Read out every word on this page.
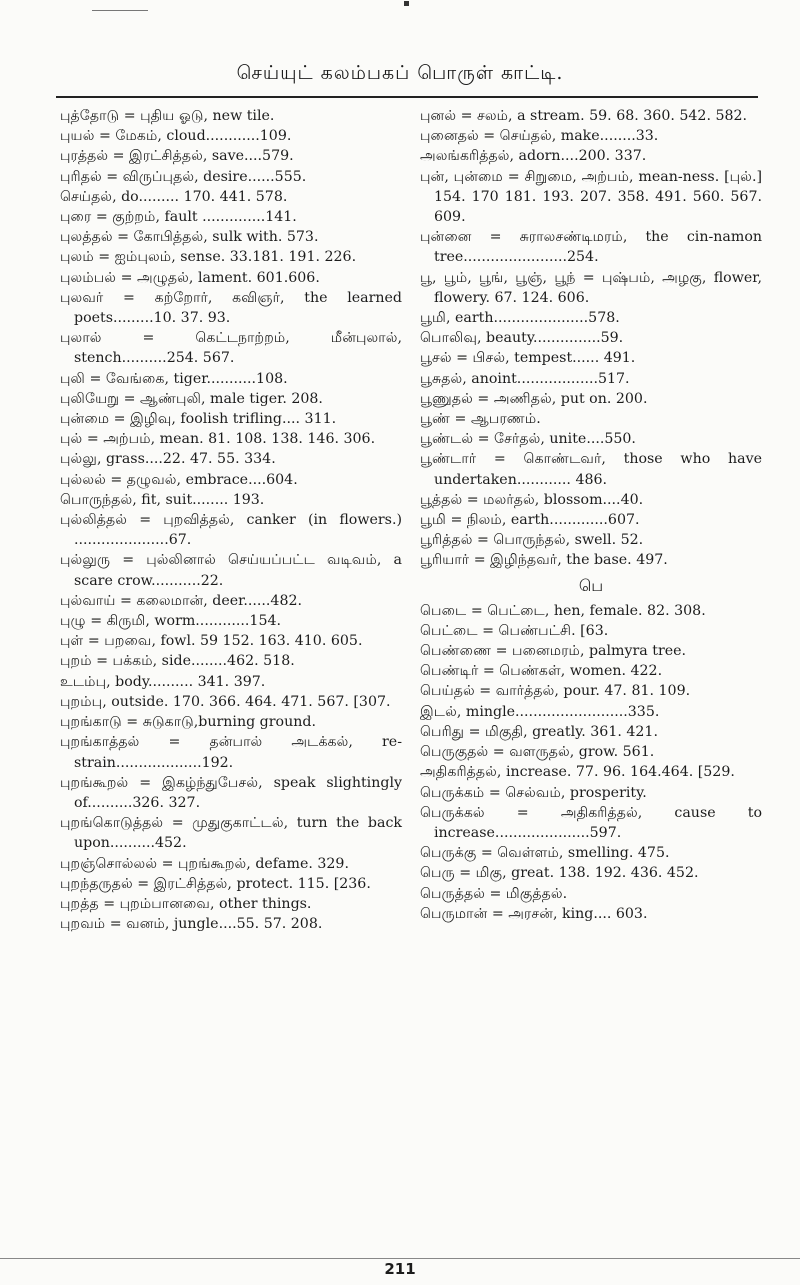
செய்யுட் கலம்பகப் பொருள் காட்டி.
புத்தோடு = புதிய ஓடு, new tile.
புயல் = மேகம், cloud............109.
புரத்தல் = இரட்சித்தல், save....579.
புரிதல் = விருப்புதல், desire......555.
செய்தல், do......... 170. 441. 578.
புரை = குற்றம், fault ..............141.
புலத்தல் = கோபித்தல், sulk with. 573.
புலம் = ஐம்புலம், sense. 33.181. 191. 226.
புலம்பல் = அழுதல், lament. 601.606.
புலவர் = கற்றோர், கவிஞர், the learned poets.........10. 37. 93.
புலால் = கெட்டநாற்றம், மீன்புலால், stench..........254. 567.
புலி = வேங்கை, tiger...........108.
புலியேறு = ஆண்புலி, male tiger. 208.
புன்மை = இழிவு, foolish trifling.... 311.
புல் = அற்பம், mean. 81. 108. 138. 146. 306.
புல்லு, grass....22. 47. 55. 334.
புல்லல் = தழுவல், embrace....604.
பொருந்தல், fit, suit........ 193.
புல்லித்தல் = புறவித்தல், canker (in flowers.) .....................67.
புல்லுரு = புல்லினால் செய்யப்பட்ட வடிவம், a scare crow...........22.
புல்வாய் = கலைமான், deer......482.
புழு = கிருமி, worm............154.
புள் = பறவை, fowl. 59 152. 163. 410. 605.
புறம் = பக்கம், side........462. 518.
உடம்பு, body.......... 341. 397.
புறம்பு, outside. 170. 366. 464. 471. 567. [307.
புறங்காடு = சுடுகாடு,burning ground.
புறங்காத்தல் = தன்பால் அடக்கல், re-strain...................192.
புறங்கூறல் = இகழ்ந்துபேசல், speak slightingly of..........326. 327.
புறங்கொடுத்தல் = முதுகுகாட்டல், turn the back upon..........452.
புறஞ்சொல்லல் = புறங்கூறல், defame. 329.
புறந்தருதல் = இரட்சித்தல், protect. 115. [236.
புறத்த = புறம்பானவை, other things.
புறவம் = வனம், jungle....55. 57. 208.
புனல் = சலம், a stream. 59. 68. 360. 542. 582.
புனைதல் = செய்தல், make........33.
அலங்கரித்தல், adorn....200. 337.
புன், புன்மை = சிறுமை, அற்பம், mean-ness. [புல்.] 154. 170 181. 193. 207. 358. 491. 560. 567. 609.
புன்னை = சுராலசண்டிமரம், the cin-namon tree.......................254.
பூ, பூம், பூங், பூஞ், பூந் = புஷ்பம், அழகு, flower, flowery. 67. 124. 606.
பூமி, earth.....................578.
பொலிவு, beauty...............59.
பூசல் = பிசல், tempest...... 491.
பூசுதல், anoint..................517.
பூணுதல் = அணிதல், put on. 200.
பூண் = ஆபரணம்.
பூண்டல் = சேர்தல், unite....550.
பூண்டார் = கொண்டவர், those who have undertaken............ 486.
பூத்தல் = மலர்தல், blossom....40.
பூமி = நிலம், earth.............607.
பூரித்தல் = பொருந்தல், swell. 52.
பூரியார் = இழிந்தவர், the base. 497.
பெ
பெடை = பெட்டை, hen, female. 82. 308.
பெட்டை = பெண்பட்சி. [63.
பெண்ணை = பனைமரம், palmyra tree.
பெண்டிர் = பெண்கள், women. 422.
பெய்தல் = வார்த்தல், pour. 47. 81. 109.
இடல், mingle.........................335.
பெரிது = மிகுதி, greatly. 361. 421.
பெருகுதல் = வளருதல், grow. 561.
அதிகரித்தல், increase. 77. 96. 164.464. [529.
பெருக்கம் = செல்வம், prosperity.
பெருக்கல் = அதிகரித்தல், cause to increase.....................597.
பெருக்கு = வெள்ளம், smelling. 475.
பெரு = மிகு, great. 138. 192. 436. 452.
பெருத்தல் = மிகுத்தல்.
பெருமான் = அரசன், king.... 603.
211
